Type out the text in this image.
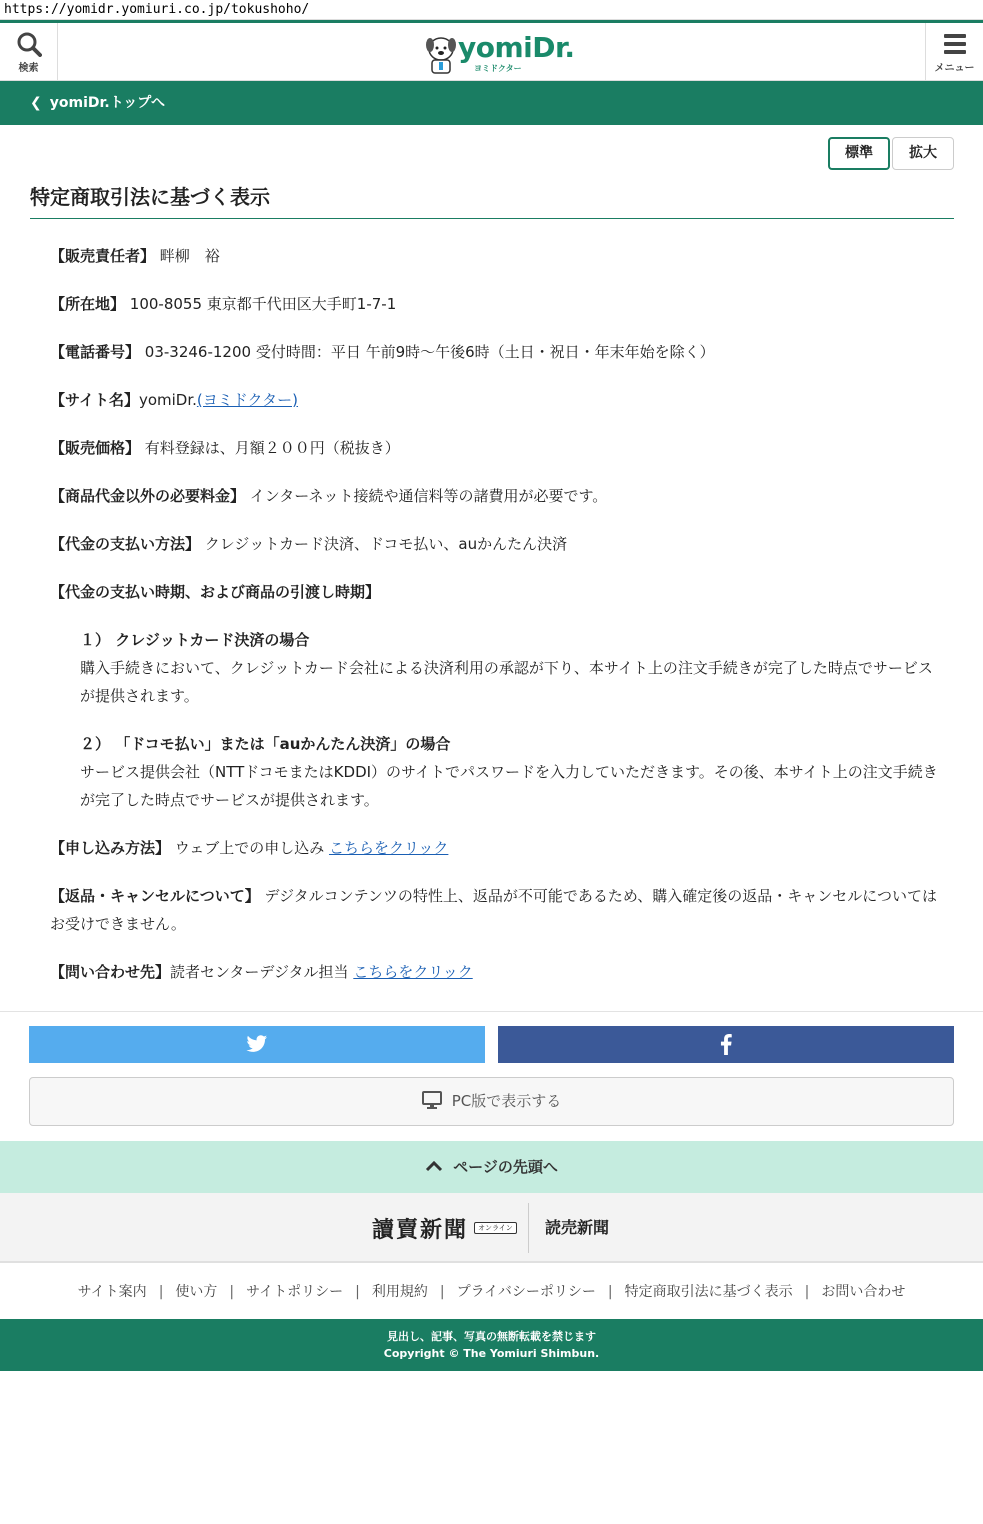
https://yomidr.yomiuri.co.jp/tokushoho/
検索
yomiDr.
ヨミドクター	メニュー
❮ yomiDr.トップへ
標準	拡大
特定商取引法に基づく表示
【販売責任者】 畔柳　裕
【所在地】 100-8055 東京都千代田区大手町1-7-1
【電話番号】 03-3246-1200 受付時間：平日 午前9時～午後6時（土日・祝日・年末年始を除く）
【サイト名】yomiDr.(ヨミドクター)
【販売価格】 有料登録は、月額２００円（税抜き）
【商品代金以外の必要料金】 インターネット接続や通信料等の諸費用が必要です。
【代金の支払い方法】 クレジットカード決済、ドコモ払い、auかんたん決済
【代金の支払い時期、および商品の引渡し時期】
１） クレジットカード決済の場合
購入手続きにおいて、クレジットカード会社による決済利用の承認が下り、本サイト上の注文手続きが完了した時点でサービスが提供されます。
２） 「ドコモ払い」または「auかんたん決済」の場合
サービス提供会社（NTTドコモまたはKDDI）のサイトでパスワードを入力していただきます。その後、本サイト上の注文手続きが完了した時点でサービスが提供されます。
【申し込み方法】 ウェブ上での申し込み こちらをクリック
【返品・キャンセルについて】 デジタルコンテンツの特性上、返品が不可能であるため、購入確定後の返品・キャンセルについてはお受けできません。
【問い合わせ先】読者センターデジタル担当 こちらをクリック
PC版で表示する
ページの先頭へ
讀賣新聞	オンライン 読売新聞
サイト案内 | 使い方 | サイトポリシー | 利用規約 | プライバシーポリシー | 特定商取引法に基づく表示 | お問い合わせ
見出し、記事、写真の無断転載を禁じます
Copyright © The Yomiuri Shimbun.
